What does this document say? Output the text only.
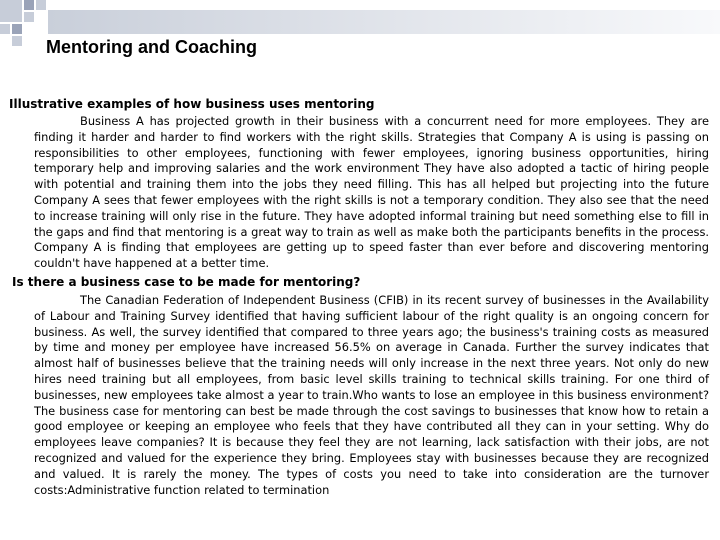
Mentoring and Coaching
Illustrative examples of how business uses mentoring

Business A has projected growth in their business with a concurrent need for more employees. They are finding it harder and harder to find workers with the right skills. Strategies that Company A is using is passing on responsibilities to other employees, functioning with fewer employees, ignoring business opportunities, hiring temporary help and improving salaries and the work environment They have also adopted a tactic of hiring people with potential and training them into the jobs they need filling. This has all helped but projecting into the future Company A sees that fewer employees with the right skills is not a temporary condition. They also see that the need to increase training will only rise in the future. They have adopted informal training but need something else to fill in the gaps and find that mentoring is a great way to train as well as make both the participants benefits in the process. Company A is finding that employees are getting up to speed faster than ever before and discovering mentoring couldn't have happened at a better time.

Is there a business case to be made for mentoring?

The Canadian Federation of Independent Business (CFIB) in its recent survey of businesses in the Availability of Labour and Training Survey identified that having sufficient labour of the right quality is an ongoing concern for business. As well, the survey identified that compared to three years ago; the business's training costs as measured by time and money per employee have increased 56.5% on average in Canada. Further the survey indicates that almost half of businesses believe that the training needs will only increase in the next three years. Not only do new hires need training but all employees, from basic level skills training to technical skills training. For one third of businesses, new employees take almost a year to train.Who wants to lose an employee in this business environment? The business case for mentoring can best be made through the cost savings to businesses that know how to retain a good employee or keeping an employee who feels that they have contributed all they can in your setting. Why do employees leave companies? It is because they feel they are not learning, lack satisfaction with their jobs, are not recognized and valued for the experience they bring. Employees stay with businesses because they are recognized and valued. It is rarely the money. The types of costs you need to take into consideration are the turnover costs:Administrative function related to termination
